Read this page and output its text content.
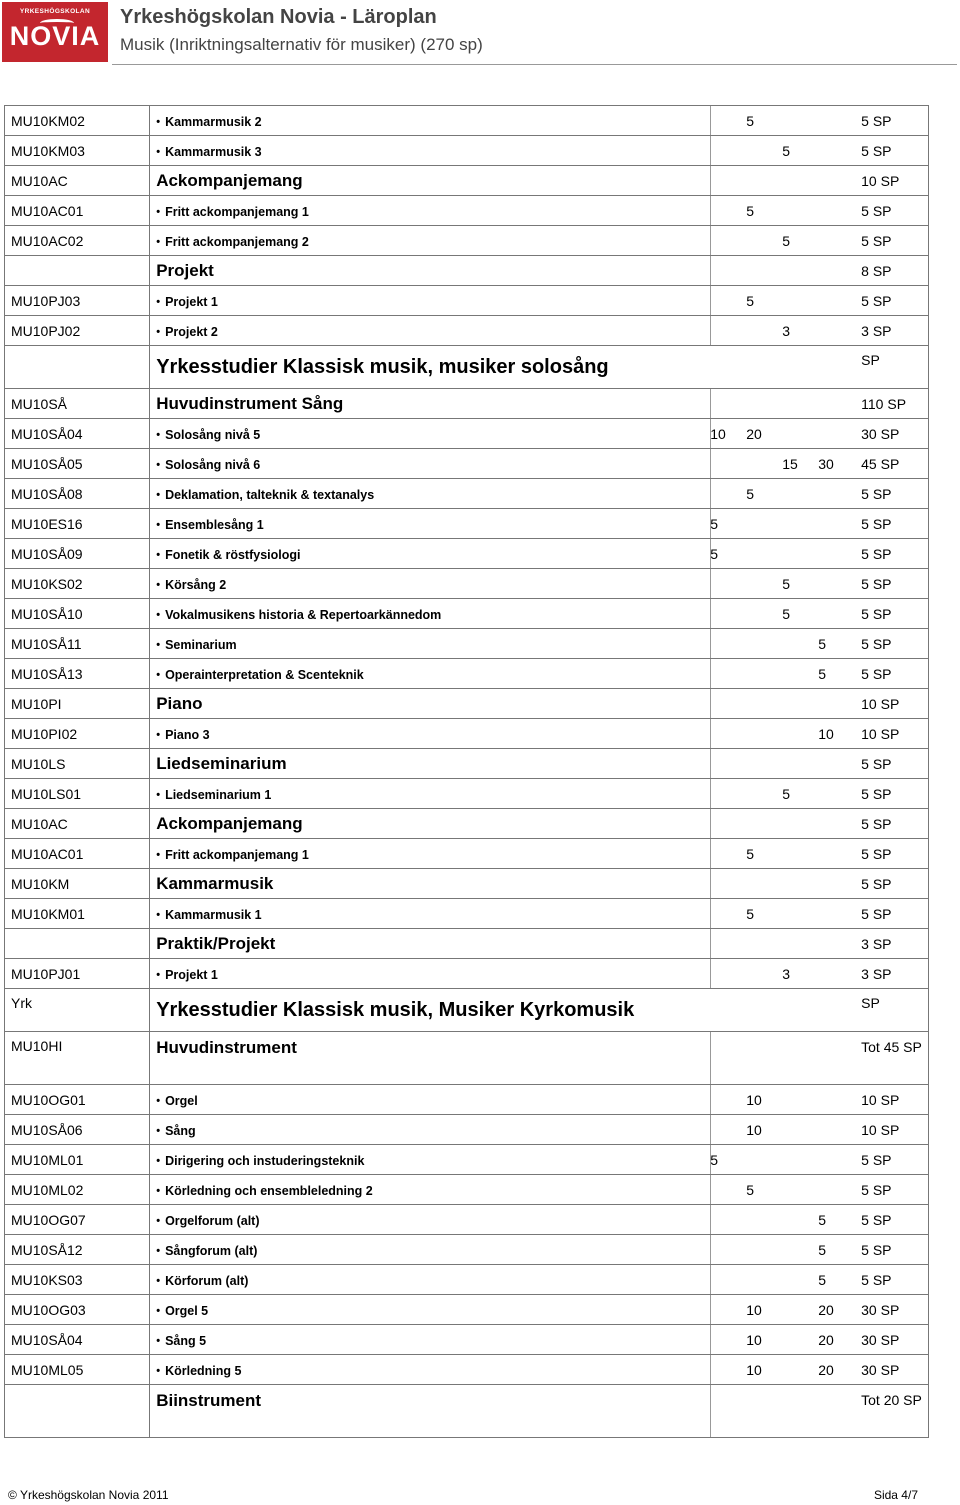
YRKESHÖGSKOLAN
NOVIA
Yrkeshögskolan Novia - Läroplan
Musik (Inriktningsalternativ för musiker) (270 sp)
MU10KM02	• Kammarmusik 2 5	5 SP
MU10KM03	• Kammarmusik 3 5	5 SP
MU10AC	Ackompanjemang	10 SP
MU10AC01	• Fritt ackompanjemang 1 5	5 SP
MU10AC02	• Fritt ackompanjemang 2 5	5 SP
	Projekt	8 SP
MU10PJ03	• Projekt 1 5	5 SP
MU10PJ02	• Projekt 2 3	3 SP
	Yrkesstudier Klassisk musik, musiker solosång	SP
MU10SÅ	Huvudinstrument Sång	110 SP
MU10SÅ04	• Solosång nivå 5 10 20	30 SP
MU10SÅ05	• Solosång nivå 6 15 30	45 SP
MU10SÅ08	• Deklamation, talteknik & textanalys 5	5 SP
MU10ES16	• Ensemblesång 1 5	5 SP
MU10SÅ09	• Fonetik & röstfysiologi 5	5 SP
MU10KS02	• Körsång 2 5	5 SP
MU10SÅ10	• Vokalmusikens historia & Repertoarkännedom 5	5 SP
MU10SÅ11	• Seminarium 5	5 SP
MU10SÅ13	• Operainterpretation & Scenteknik 5	5 SP
MU10PI	Piano	10 SP
MU10PI02	• Piano 3 10	10 SP
MU10LS	Liedseminarium	5 SP
MU10LS01	• Liedseminarium 1 5	5 SP
MU10AC	Ackompanjemang	5 SP
MU10AC01	• Fritt ackompanjemang 1 5	5 SP
MU10KM	Kammarmusik	5 SP
MU10KM01	• Kammarmusik 1 5	5 SP
	Praktik/Projekt	3 SP
MU10PJ01	• Projekt 1 3	3 SP
Yrk	Yrkesstudier Klassisk musik, Musiker Kyrkomusik	SP
MU10HI	Huvudinstrument	Tot 45 SP
MU10OG01	• Orgel 10	10 SP
MU10SÅ06	• Sång 10	10 SP
MU10ML01	• Dirigering och instuderingsteknik 5	5 SP
MU10ML02	• Körledning och ensembleledning 2 5	5 SP
MU10OG07	• Orgelforum (alt) 5	5 SP
MU10SÅ12	• Sångforum (alt) 5	5 SP
MU10KS03	• Körforum (alt) 5	5 SP
MU10OG03	• Orgel 5 10 20	30 SP
MU10SÅ04	• Sång 5 10 20	30 SP
MU10ML05	• Körledning 5 10 20	30 SP
	Biinstrument	Tot 20 SP
© Yrkeshögskolan Novia 2011	Sida 4/7
